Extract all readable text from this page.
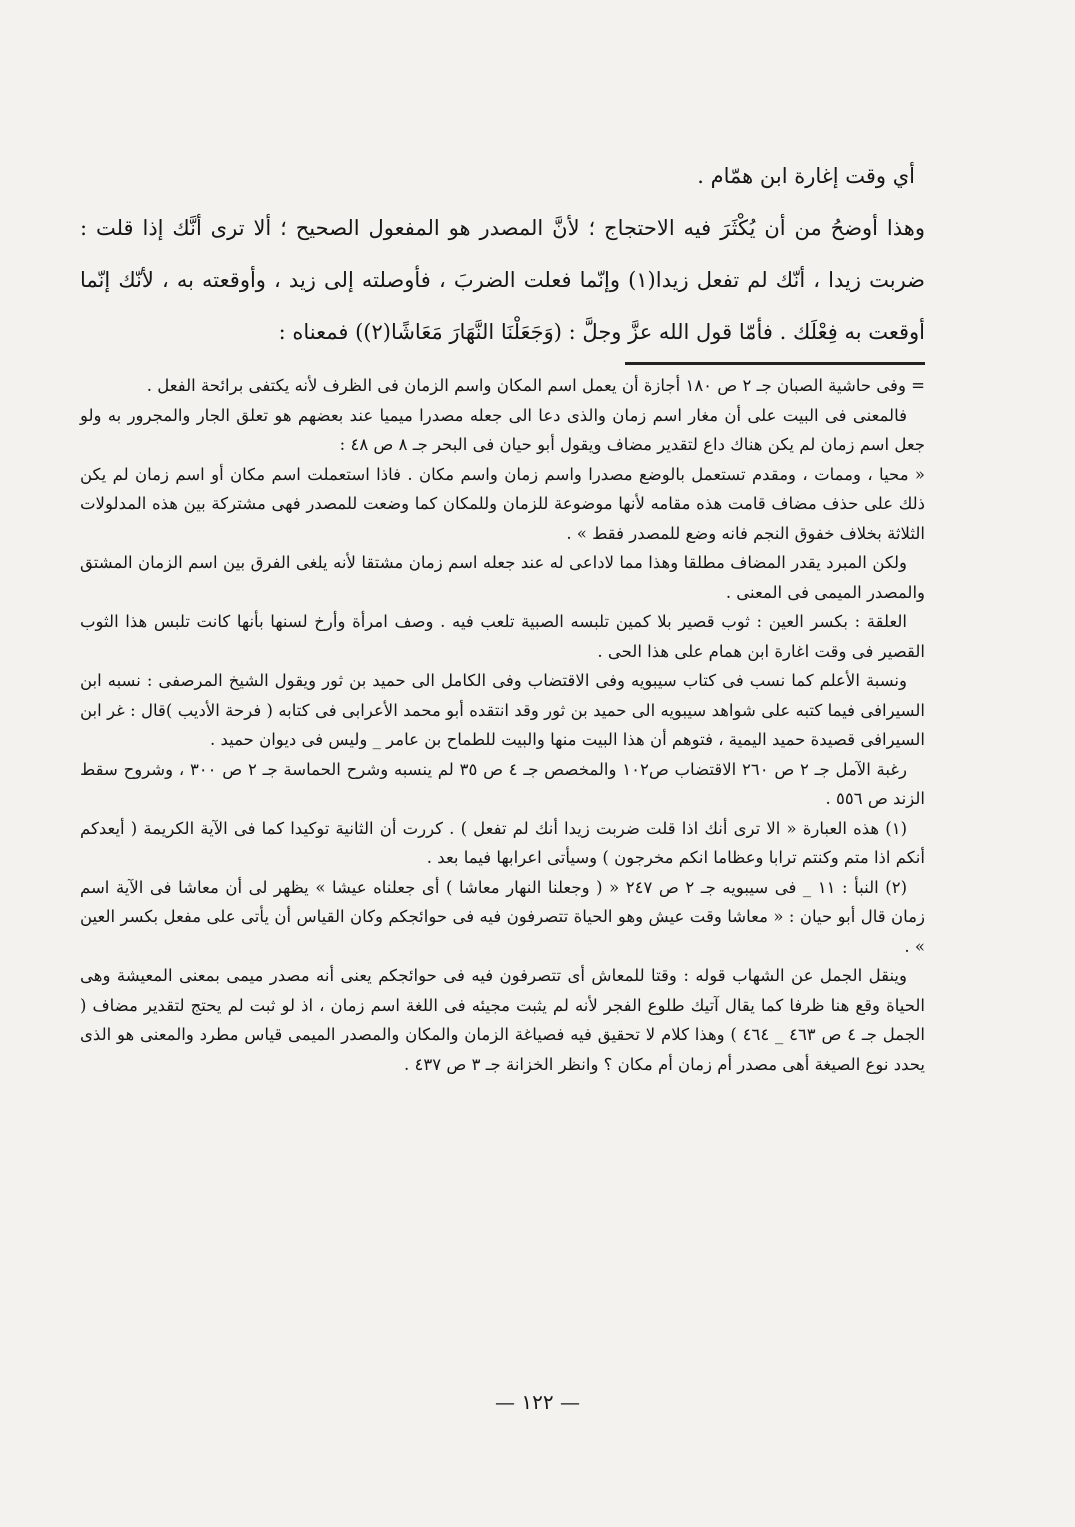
أي وقت إغارة ابن همّام .

وهذا أوضحُ من أن يُكْثَرَ فيه الاحتجاج ؛ لأنَّ المصدر هو المفعول الصحيح ؛ ألا ترى أنَّك إذا قلت : ضربت زيدا ، أنّك لم تفعل زيدا(١) وإنّما فعلت الضربَ ، فأوصلته إلى زيد ، وأوقعته به ، لأنّك إنّما أوقعت به فِعْلَك . فأمّا قول الله عزَّ وجلَّ : (وَجَعَلْنَا النَّهَارَ مَعَاشًا(٢)) فمعناه :

= وفى حاشية الصبان جـ ٢ ص ١٨٠ أجازة أن يعمل اسم المكان واسم الزمان فى الظرف لأنه يكتفى برائحة الفعل .

فالمعنى فى البيت على أن مغار اسم زمان والذى دعا الى جعله مصدرا ميميا عند بعضهم هو تعلق الجار والمجرور به ولو جعل اسم زمان لم يكن هناك داع لتقدير مضاف ويقول أبو حيان فى البحر جـ ٨ ص ٤٨ :

« محيا ، وممات ، ومقدم تستعمل بالوضع مصدرا واسم زمان واسم مكان . فاذا استعملت اسم مكان أو اسم زمان لم يكن ذلك على حذف مضاف قامت هذه مقامه لأنها موضوعة للزمان وللمكان كما وضعت للمصدر فهى مشتركة بين هذه المدلولات الثلاثة بخلاف خفوق النجم فانه وضع للمصدر فقط » .

ولكن المبرد يقدر المضاف مطلقا وهذا مما لاداعى له عند جعله اسم زمان مشتقا لأنه يلغى الفرق بين اسم الزمان المشتق والمصدر الميمى فى المعنى .

العلقة : بكسر العين : ثوب قصير بلا كمين تلبسه الصبية تلعب فيه . وصف امرأة وأرخ لسنها بأنها كانت تلبس هذا الثوب القصير فى وقت اغارة ابن همام على هذا الحى .

ونسبة الأعلم كما نسب فى كتاب سيبويه وفى الاقتضاب وفى الكامل الى حميد بن ثور ويقول الشيخ المرصفى : نسبه ابن السيرافى فيما كتبه على شواهد سيبويه الى حميد بن ثور وقد انتقده أبو محمد الأعرابى فى كتابه ( فرحة الأديب )قال : غر ابن السيرافى قصيدة حميد اليمية ، فتوهم أن هذا البيت منها والبيت للطماح بن عامر _ وليس فى ديوان حميد .

رغبة الآمل جـ ٢ ص ٢٦٠ الاقتضاب ص١٠٢ والمخصص جـ ٤ ص ٣٥ لم ينسبه وشرح الحماسة جـ ٢ ص ٣٠٠ ، وشروح سقط الزند ص ٥٥٦ .

(١) هذه العبارة « الا ترى أنك اذا قلت ضربت زيدا أنك لم تفعل ) . كررت أن الثانية توكيدا كما فى الآية الكريمة ( أيعدكم أنكم اذا متم وكنتم ترابا وعظاما انكم مخرجون ) وسيأتى اعرابها فيما بعد .

(٢) النبأ : ١١ _ فى سيبويه جـ ٢ ص ٢٤٧ « ( وجعلنا النهار معاشا ) أى جعلناه عيشا » يظهر لى أن معاشا فى الآية اسم زمان قال أبو حيان : « معاشا وقت عيش وهو الحياة تتصرفون فيه فى حوائجكم وكان القياس أن يأتى على مفعل بكسر العين » .

وينقل الجمل عن الشهاب قوله : وقتا للمعاش أى تتصرفون فيه فى حوائجكم يعنى أنه مصدر ميمى بمعنى المعيشة وهى الحياة وقع هنا ظرفا كما يقال آتيك طلوع الفجر لأنه لم يثبت مجيئه فى اللغة اسم زمان ، اذ لو ثبت لم يحتج لتقدير مضاف ( الجمل جـ ٤ ص ٤٦٣ _ ٤٦٤ ) وهذا كلام لا تحقيق فيه فصياغة الزمان والمكان والمصدر الميمى قياس مطرد والمعنى هو الذى يحدد نوع الصيغة أهى مصدر أم زمان أم مكان ؟ وانظر الخزانة جـ ٣ ص ٤٣٧ .

— ١٢٢ —
